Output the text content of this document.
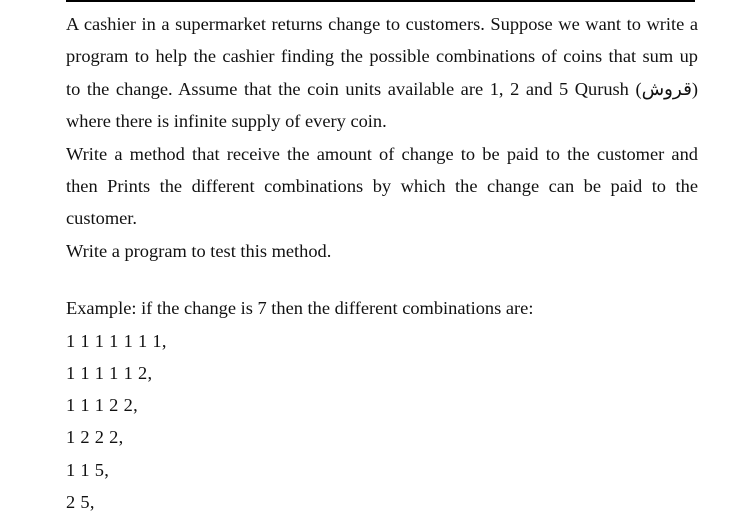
A cashier in a supermarket returns change to customers. Suppose we want to write a
program to help the cashier finding the possible combinations of coins that sum up
to the change. Assume that the coin units available are 1, 2 and 5 Qurush (قروش)
where there is infinite supply of every coin.
Write a method that receive the amount of change to be paid to the customer and
then Prints the different combinations by which the change can be paid to the
customer.
Write a program to test this method.
Example: if the change is 7 then the different combinations are:
1 1 1 1 1 1 1,
1 1 1 1 1 2,
1 1 1 2 2,
1 2 2 2,
1 1 5,
2 5,
